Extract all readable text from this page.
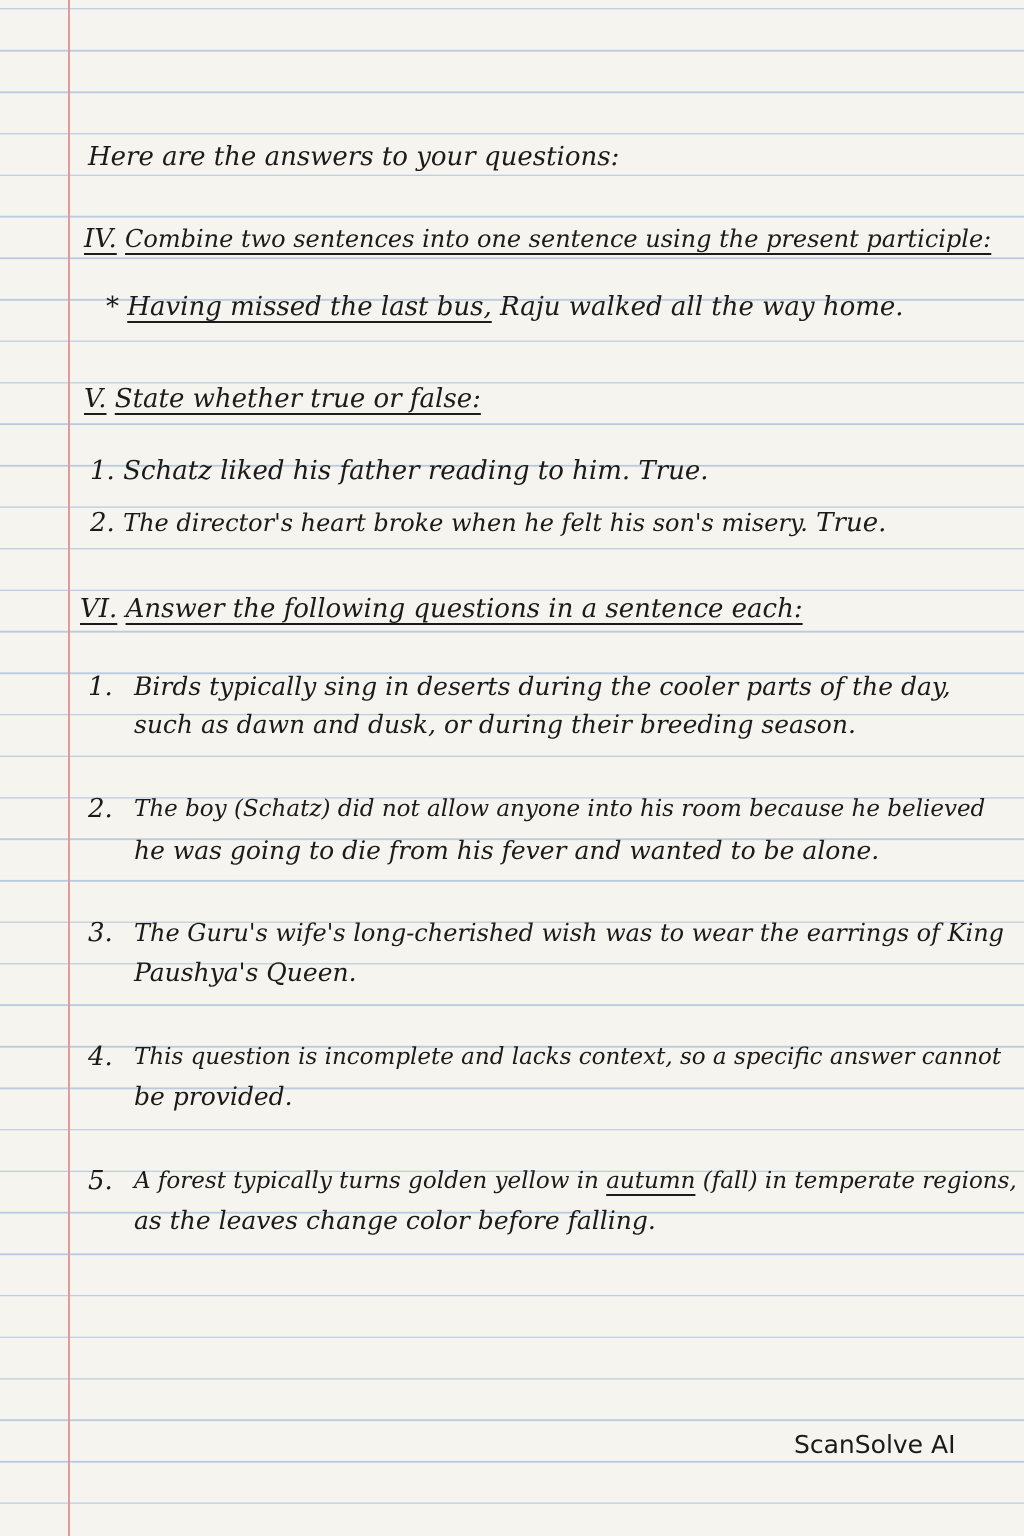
Here are the answers to your questions:
IV. Combine two sentences into one sentence using the present participle:
* Having missed the last bus, Raju walked all the way home.
V. State whether true or false:
1. Schatz liked his father reading to him. True.
2. The director's heart broke when he felt his son's misery. True.
VI. Answer the following questions in a sentence each:
1. Birds typically sing in deserts during the cooler parts of the day,
such as dawn and dusk, or during their breeding season.
2. The boy (Schatz) did not allow anyone into his room because he believed
he was going to die from his fever and wanted to be alone.
3. The Guru's wife's long-cherished wish was to wear the earrings of King
Paushya's Queen.
4. This question is incomplete and lacks context, so a specific answer cannot
be provided.
5. A forest typically turns golden yellow in autumn (fall) in temperate regions,
as the leaves change color before falling.
ScanSolve AI
